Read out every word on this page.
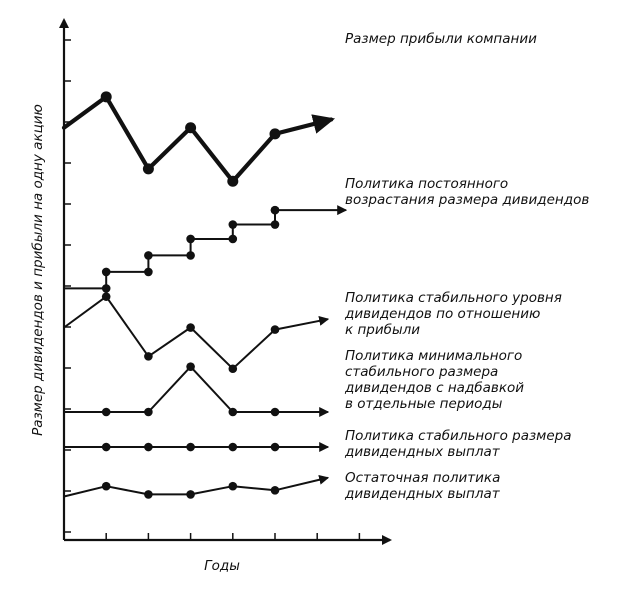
Размер прибыли компании
Политика постоянного возрастания размера дивидендов
Политика стабильного уровня дивидендов по отношению к прибыли
Политика минимального стабильного размера дивидендов с надбавкой в отдельные периоды
Политика стабильного размера дивидендных выплат
Остаточная политика дивидендных выплат
Годы
Размер дивидендов и прибыли на одну акцию
